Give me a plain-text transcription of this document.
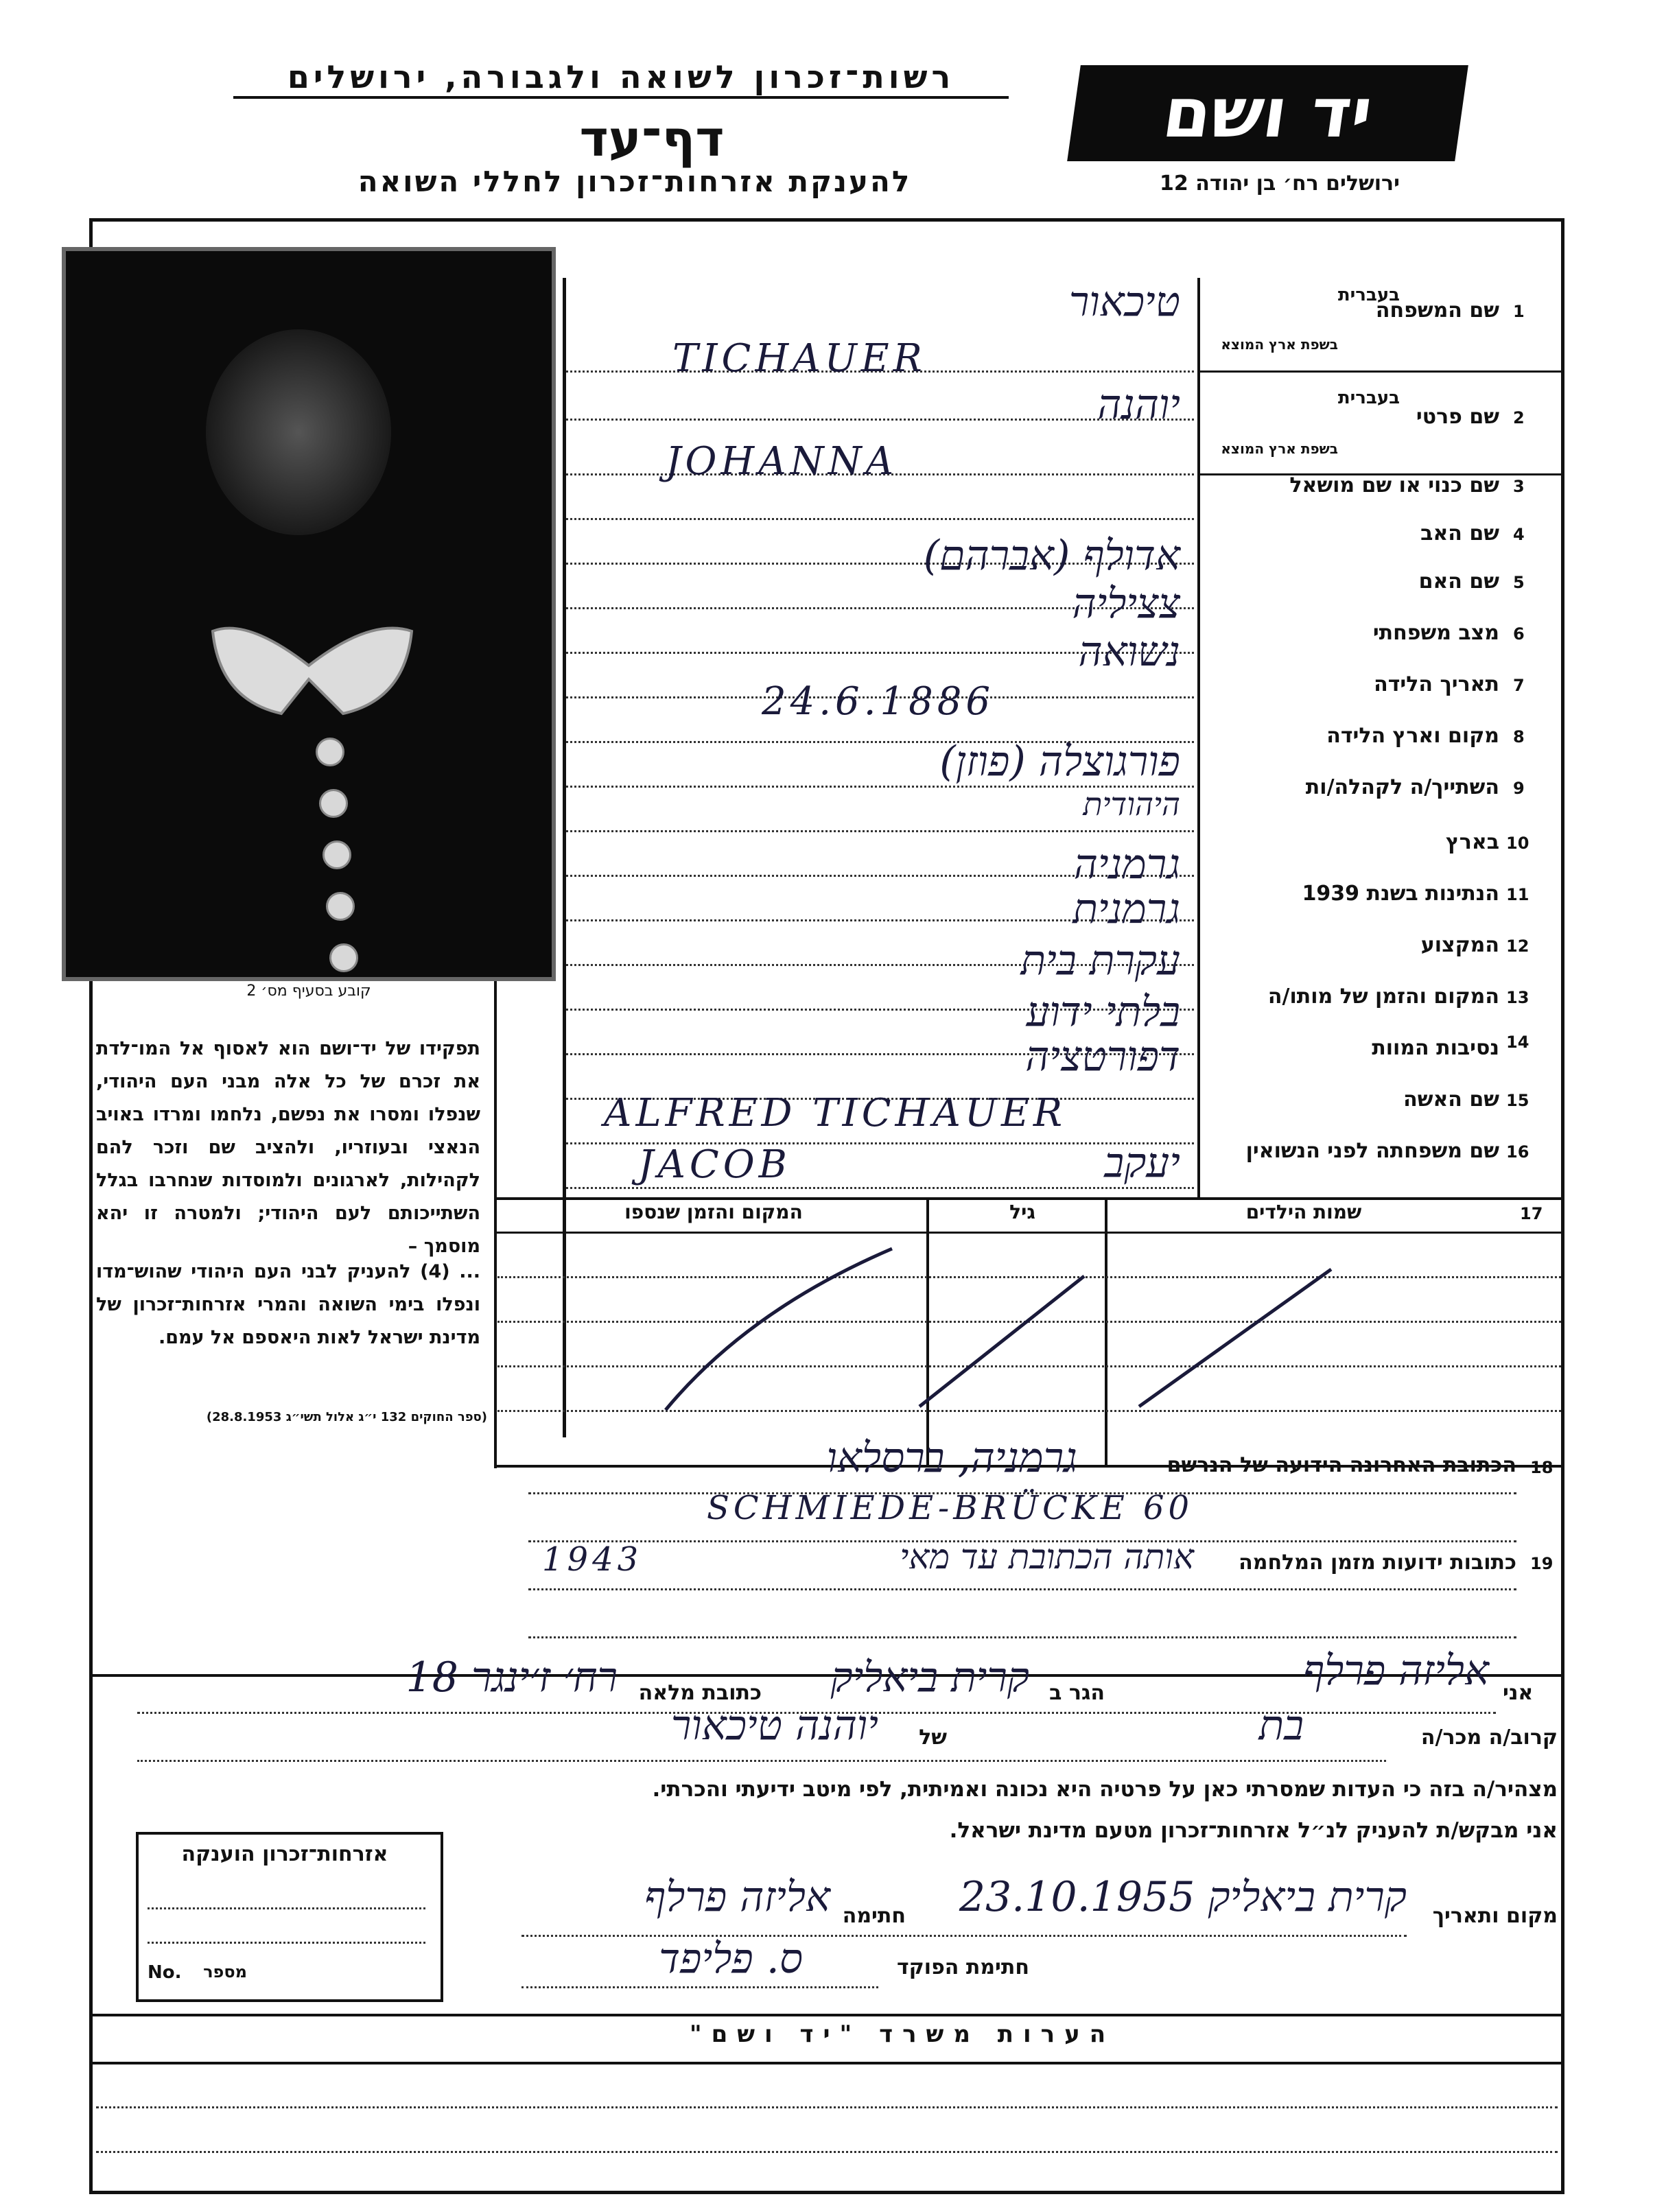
רשות־זכרון לשואה ולגבורה, ירושלים
דף־עד
להענקת אזרחות־זכרון לחללי השואה
יד ושם
ירושלים רח׳ בן יהודה 12
קובע בסעיף מס׳ 2
תפקידו של יד־ושם הוא לאסוף אל המו־לדת את זכרם של כל אלה מבני העם היהודי, שנפלו ומסרו את נפשם, נלחמו ומרדו באויב הנאצי ובעוזריו, ולהציב שם וזכר להם לקהילות, לארגונים ולמוסדות שנחרבו בגלל השתייכותם לעם היהודי; ולמטרה זו יהא מוסמך –
... (4) להעניק לבני העם היהודי שהוש־מדו ונפלו בימי השואה והמרי אזרחות־זכרון של מדינת ישראל לאות היאספם אל עמם.
(ספר החוקים 132 י״ג אלול תשי״ג 28.8.1953)
1
שם המשפחה
בעברית
בשפת ארץ המוצא
2
שם פרטי
בעברית
בשפת ארץ המוצא
3
שם כנוי או שם מושאל
4
שם האב
5
שם האם
6
מצב משפחתי
7
תאריך הלידה
8
מקום וארץ הלידה
9
השתייך/ה לקהלה/ות
10
בארץ
11
הנתינות בשנת 1939
12
המקצוע
13
המקום והזמן של מותו/ה
14
נסיבות המוות
15
שם האשה
16
שם משפחתה לפני הנשואין
טיכאור
TICHAUER
יוהנה
JOHANNA
אדולף (אברהם)
צציליה
נשואה
24.6.1886
פורגוצלה (פוזן)
היהודית
גרמניה
גרמנית
עקרת בית
בלתי ידוע
דפורטציה
ALFRED TICHAUER
יעקב
JACOB
17
שמות הילדים
גיל
המקום והזמן שנספו
18
הכתובת האחרונה הידועה של הנרשם
גרמניה, ברסלאו
SCHMIEDE-BRÜCKE 60
19
כתובות ידועות מזמן המלחמה
אותה הכתובת עד מאי
1943
אני
אליזה פרלף
הגר ב
קרית ביאליק
כתובת מלאה
רח׳ ז׳ינגר 18
קרוב/ה מכר/ה
בת
של
יוהנה טיכאור
מצהיר/ה בזה כי העדות שמסרתי כאן על פרטיה היא נכונה ואמיתית, לפי מיטב ידיעתי והכרתי.
אני מבקש/ת להעניק לנ״ל אזרחות־זכרון מטעם מדינת ישראל.
מקום ותאריך
קרית ביאליק 23.10.1955
חתימה
אליזה פרלף
חתימת הפוקד
ס. פליפד
אזרחות־זכרון הוענקה
No.	מספר
הערות משרד "יד ושם"
